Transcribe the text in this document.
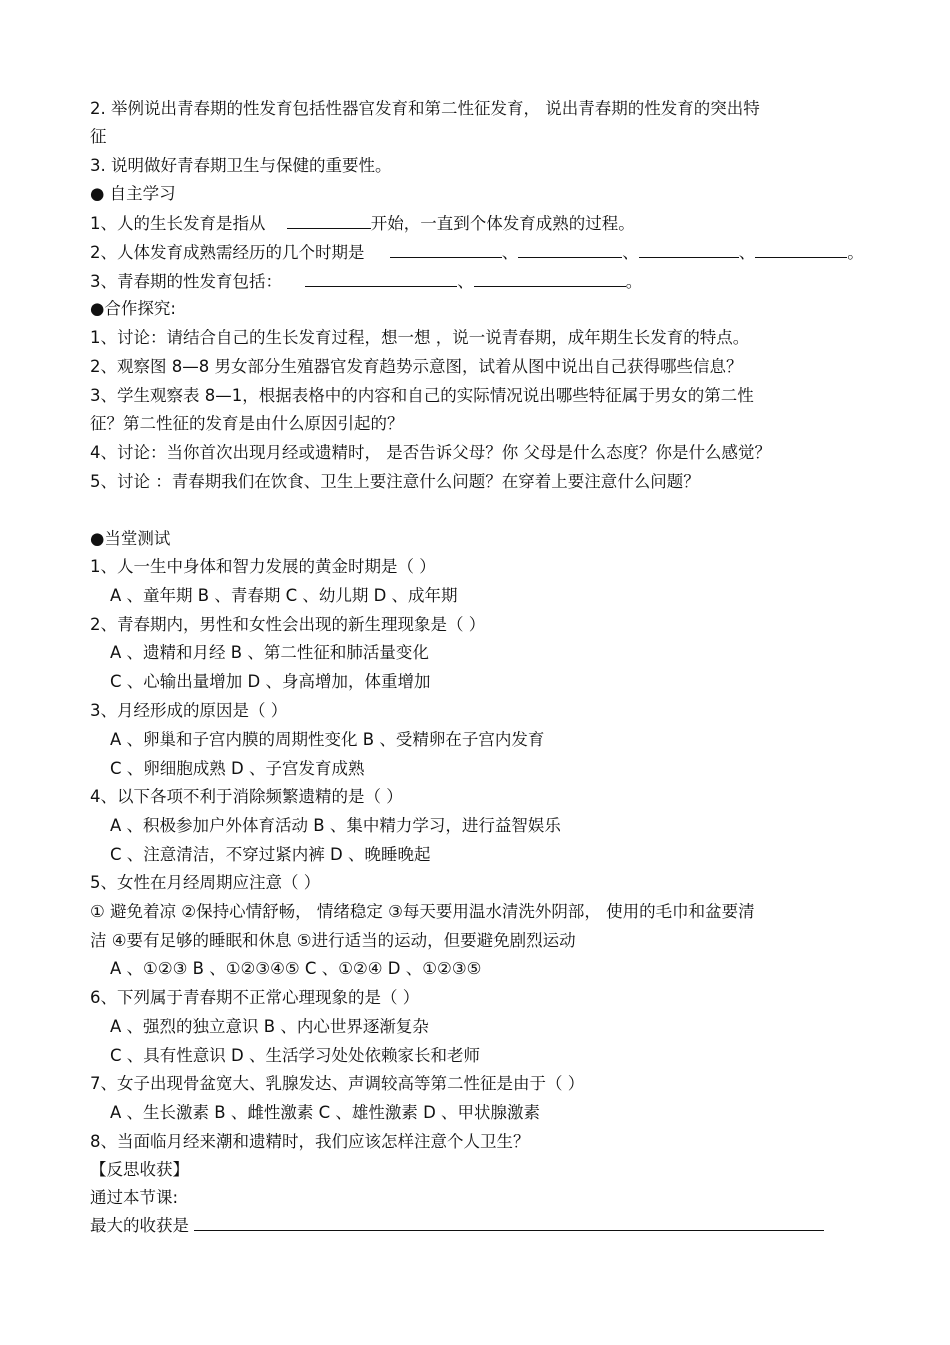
2. 举例说出青春期的性发育包括性器官发育和第二性征发育， 说出青春期的性发育的突出特
征
3. 说明做好青春期卫生与保健的重要性。
● 自主学习
1、人的生长发育是指从	开始，一直到个体发育成熟的过程。
2、人体发育成熟需经历的几个时期是	、	、	、	。
3、青春期的性发育包括：	、	。
●合作探究:
1、讨论：请结合自己的生长发育过程，想一想 ，说一说青春期，成年期生长发育的特点。
2、观察图 8—8 男女部分生殖器官发育趋势示意图，试着从图中说出自己获得哪些信息？
3、学生观察表 8—1，根据表格中的内容和自己的实际情况说出哪些特征属于男女的第二性
征？第二性征的发育是由什么原因引起的？
4、讨论：当你首次出现月经或遗精时， 是否告诉父母？你 父母是什么态度？你是什么感觉？
5、讨论 ：青春期我们在饮食、卫生上要注意什么问题？在穿着上要注意什么问题？
●当堂测试
1、人一生中身体和智力发展的黄金时期是（ ）
A 、童年期 B 、青春期 C 、幼儿期 D 、成年期
2、青春期内，男性和女性会出现的新生理现象是（ ）
A 、遗精和月经 B 、第二性征和肺活量变化
C 、心输出量增加 D 、身高增加，体重增加
3、月经形成的原因是（ ）
A 、卵巢和子宫内膜的周期性变化 B 、受精卵在子宫内发育
C 、卵细胞成熟 D 、子宫发育成熟
4、以下各项不利于消除频繁遗精的是（ ）
A 、积极参加户外体育活动 B 、集中精力学习，进行益智娱乐
C 、注意清洁，不穿过紧内裤 D 、晚睡晚起
5、女性在月经周期应注意（ ）
① 避免着凉 ②保持心情舒畅， 情绪稳定 ③每天要用温水清洗外阴部， 使用的毛巾和盆要清
洁 ④要有足够的睡眠和休息 ⑤进行适当的运动，但要避免剧烈运动
A 、①②③ B 、①②③④⑤ C 、①②④ D 、①②③⑤
6、下列属于青春期不正常心理现象的是（ ）
A 、强烈的独立意识 B 、内心世界逐渐复杂
C 、具有性意识 D 、生活学习处处依赖家长和老师
7、女子出现骨盆宽大、乳腺发达、声调较高等第二性征是由于（ ）
A 、生长激素 B 、雌性激素 C 、雄性激素 D 、甲状腺激素
8、当面临月经来潮和遗精时，我们应该怎样注意个人卫生？
【反思收获】
通过本节课:
最大的收获是
